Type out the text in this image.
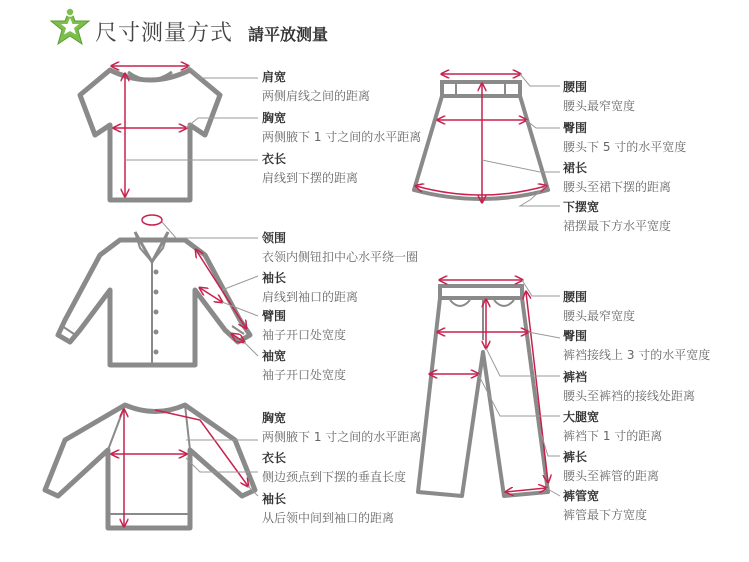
尺寸测量方式 請平放测量
肩宽
两侧肩线之间的距离
胸宽
两侧腋下 1 寸之间的水平距离
衣长
肩线到下摆的距离
领围
衣领内侧钮扣中心水平绕一圈
袖长
肩线到袖口的距离
臂围
袖子开口处宽度
袖宽
袖子开口处宽度
胸宽
两侧腋下 1 寸之间的水平距离
衣长
侧边颈点到下摆的垂直长度
袖长
从后领中间到袖口的距离
腰围
腰头最窄宽度
臀围
腰头下 5 寸的水平宽度
裙长
腰头至裙下摆的距离
下摆宽
裙摆最下方水平宽度
腰围
腰头最窄宽度
臀围
裤裆接线上 3 寸的水平宽度
裤裆
腰头至裤裆的接线处距离
大腿宽
裤裆下 1 寸的距离
裤长
腰头至裤管的距离
裤管宽
裤管最下方宽度
